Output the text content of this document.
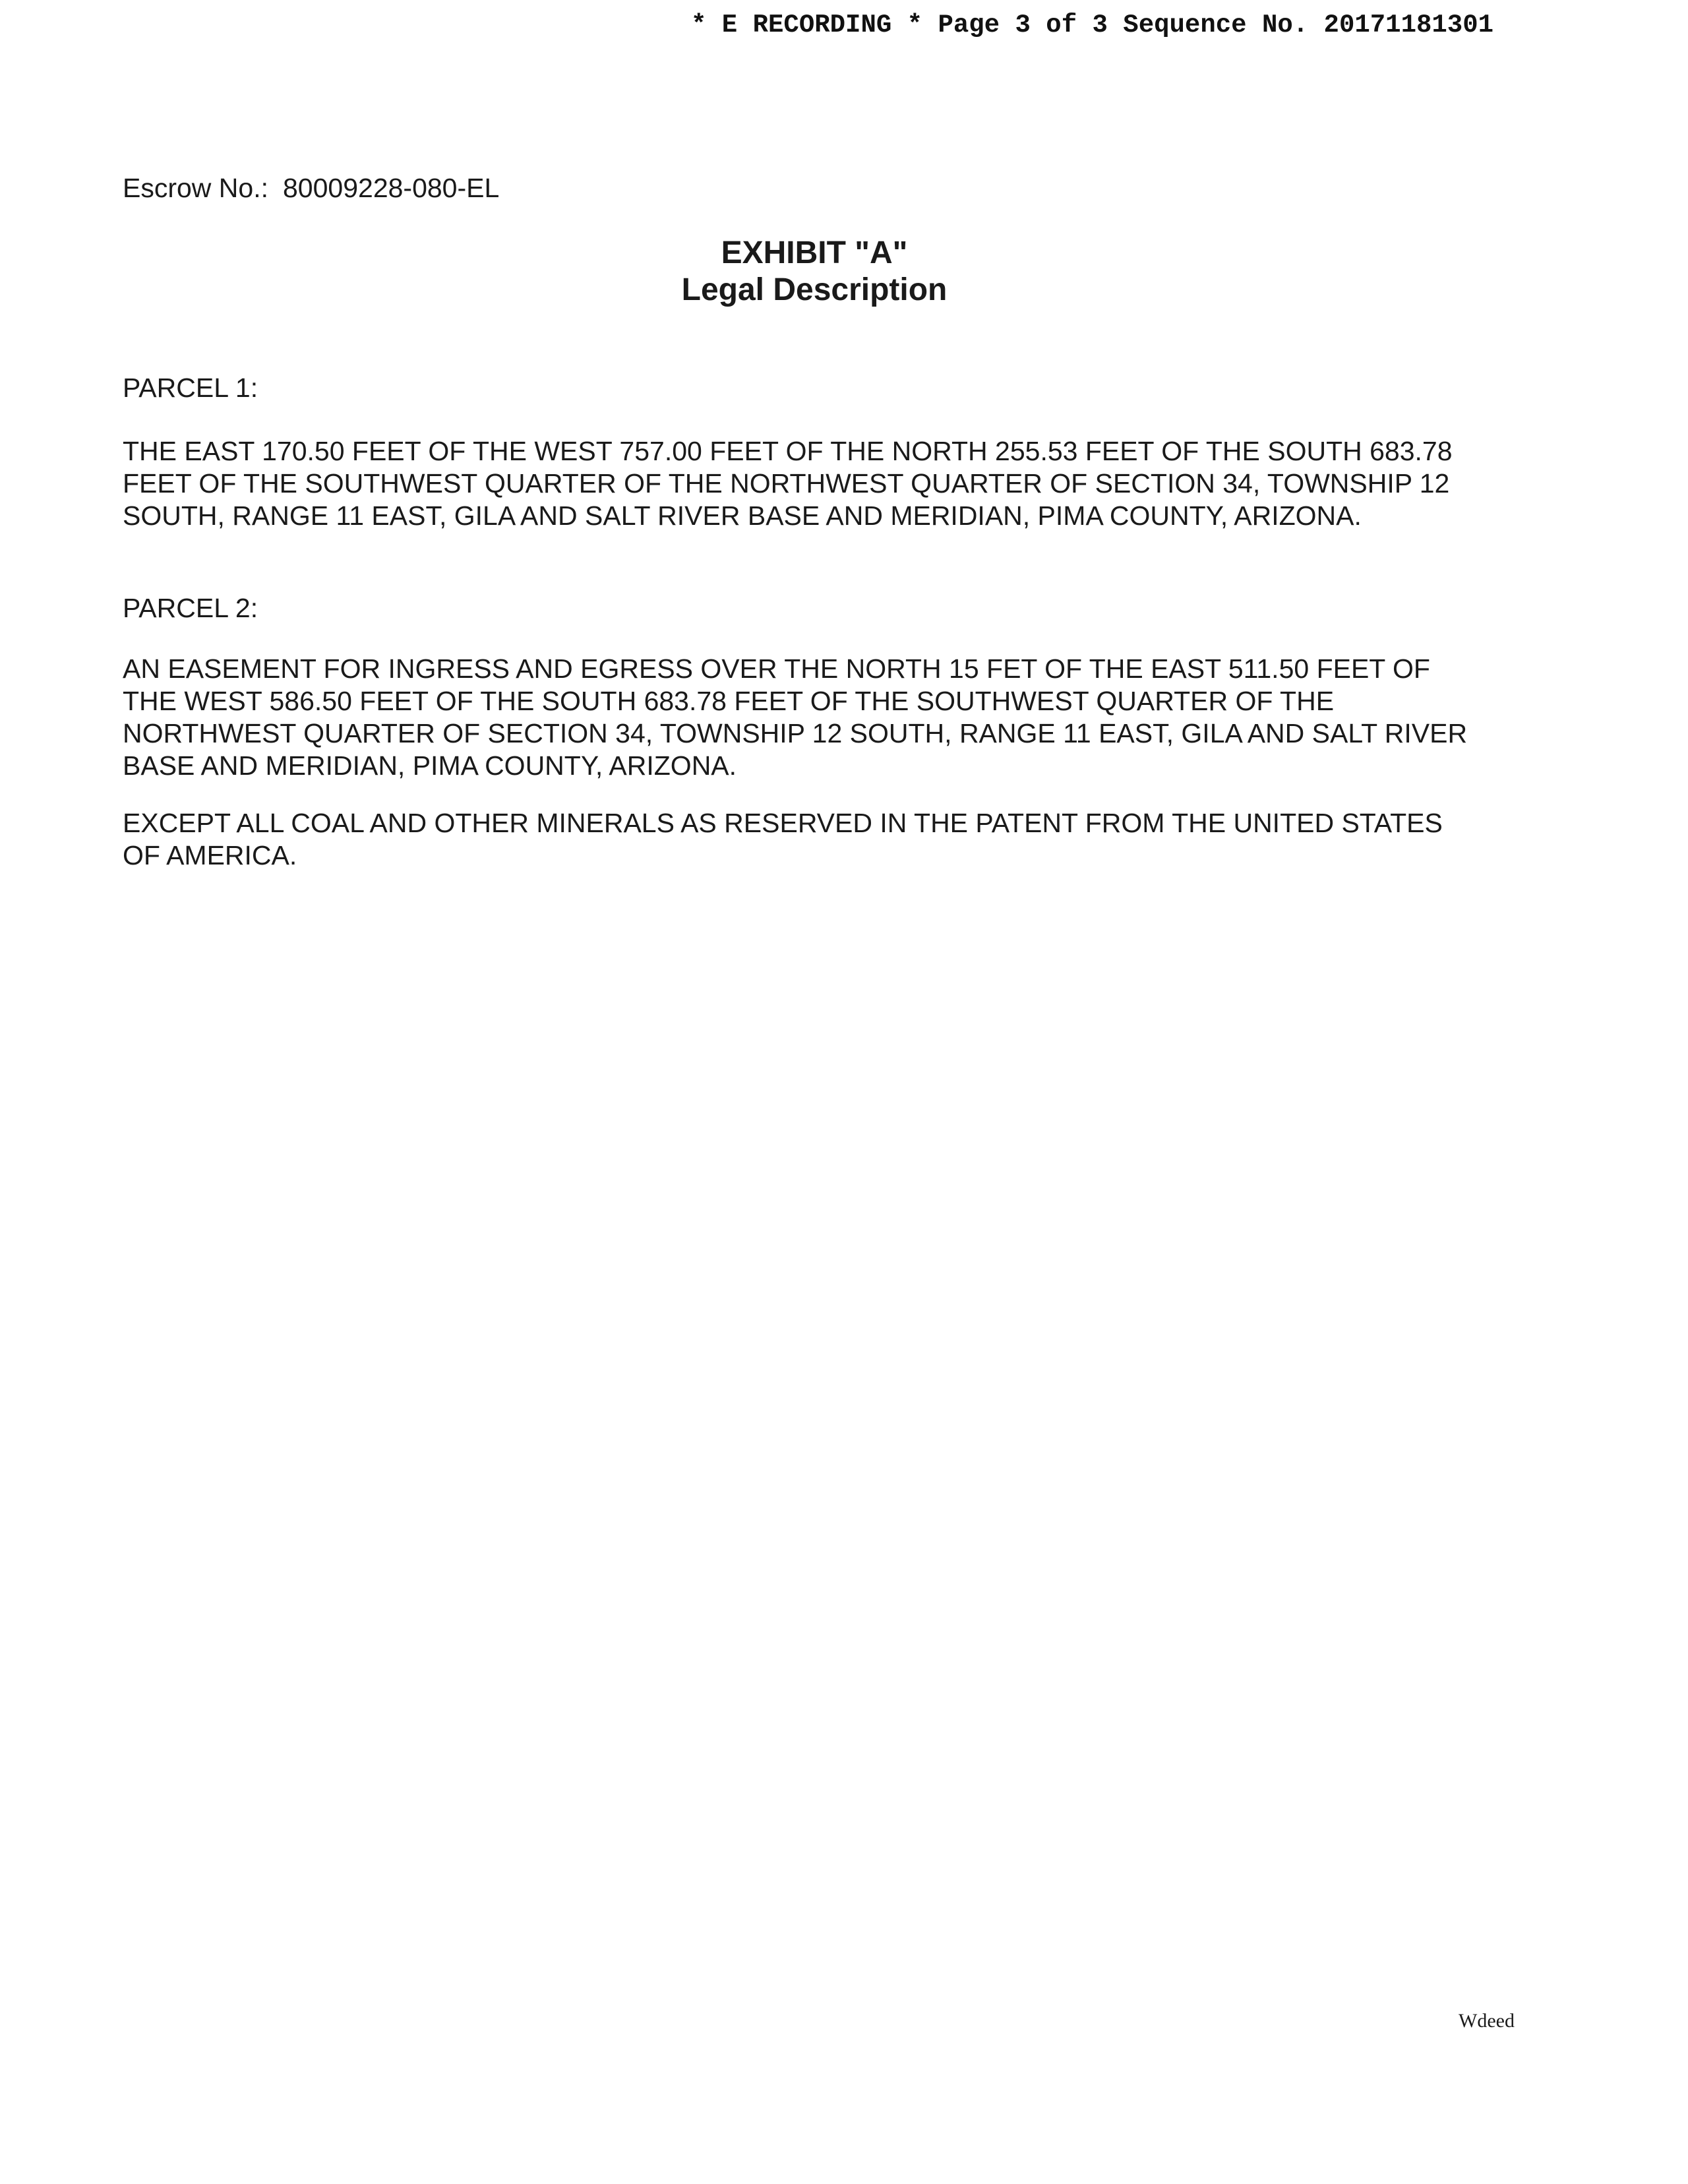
* E RECORDING * Page 3 of 3 Sequence No. 20171181301
Escrow No.: 80009228-080-EL
EXHIBIT "A"
Legal Description
PARCEL 1:
THE EAST 170.50 FEET OF THE WEST 757.00 FEET OF THE NORTH 255.53 FEET OF THE SOUTH 683.78
FEET OF THE SOUTHWEST QUARTER OF THE NORTHWEST QUARTER OF SECTION 34, TOWNSHIP 12
SOUTH, RANGE 11 EAST, GILA AND SALT RIVER BASE AND MERIDIAN, PIMA COUNTY, ARIZONA.
PARCEL 2:
AN EASEMENT FOR INGRESS AND EGRESS OVER THE NORTH 15 FET OF THE EAST 511.50 FEET OF
THE WEST 586.50 FEET OF THE SOUTH 683.78 FEET OF THE SOUTHWEST QUARTER OF THE
NORTHWEST QUARTER OF SECTION 34, TOWNSHIP 12 SOUTH, RANGE 11 EAST, GILA AND SALT RIVER
BASE AND MERIDIAN, PIMA COUNTY, ARIZONA.
EXCEPT ALL COAL AND OTHER MINERALS AS RESERVED IN THE PATENT FROM THE UNITED STATES
OF AMERICA.
Wdeed
